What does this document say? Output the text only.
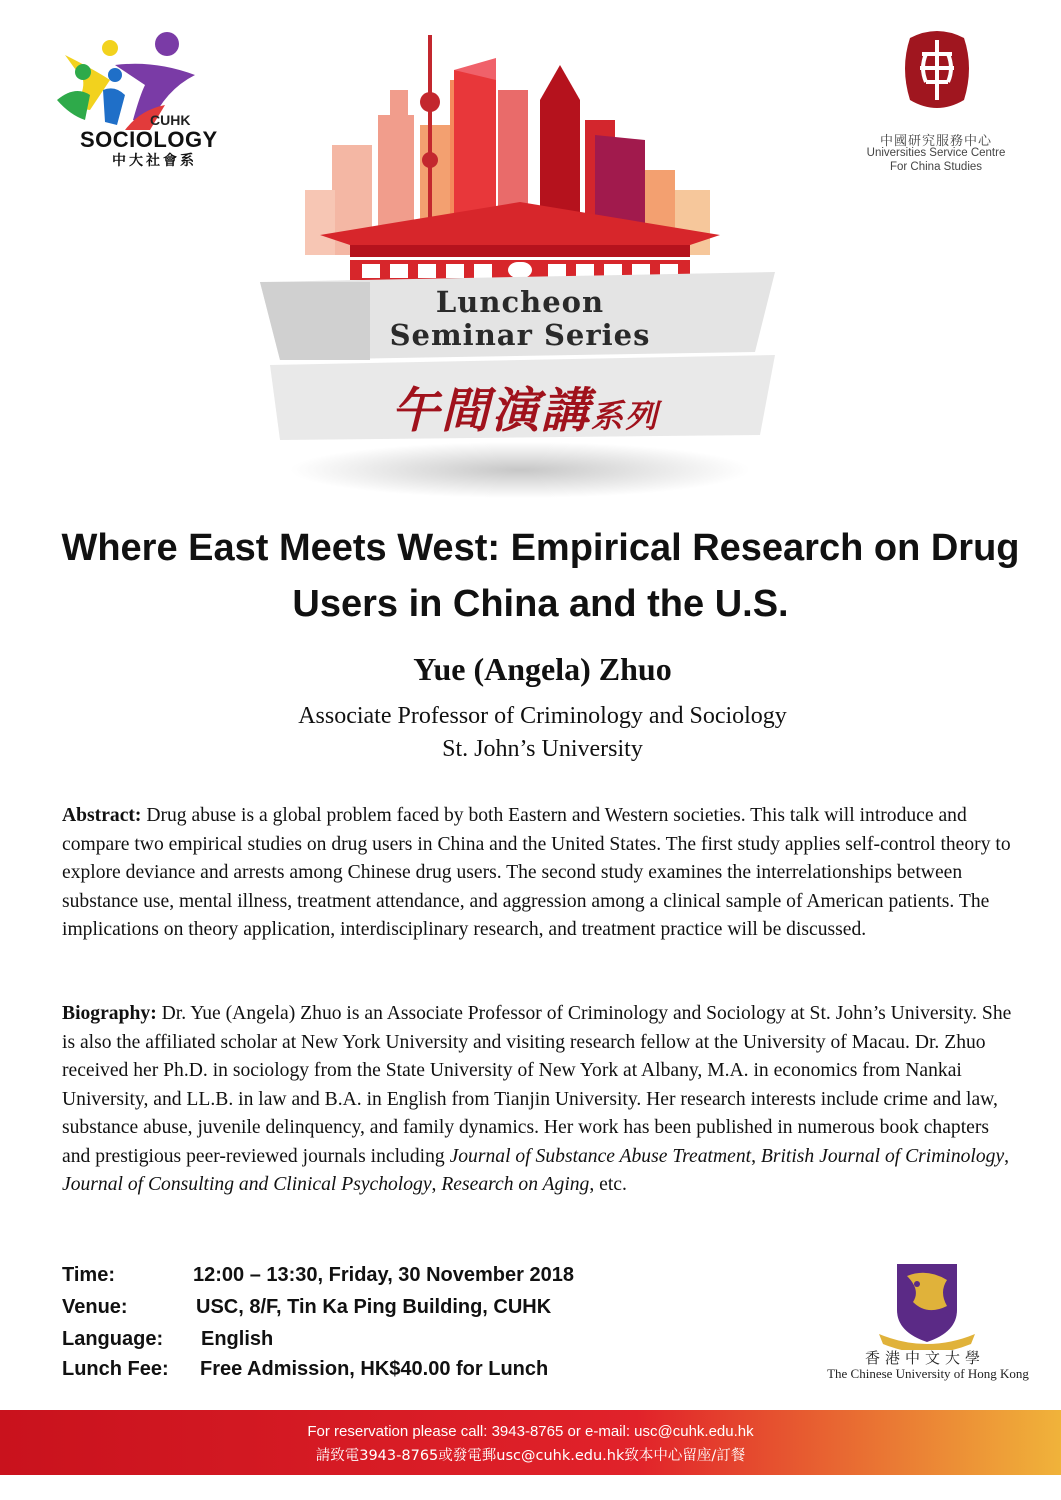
CUHK
SOCIOLOGY
中大社會系
中國研究服務中心
Universities Service Centre
For China Studies
Luncheon
Seminar Series
午間演講系列
Where East Meets West: Empirical Research on Drug Users in China and the U.S.
Yue (Angela) Zhuo
Associate Professor of Criminology and Sociology
St. John’s University
Abstract: Drug abuse is a global problem faced by both Eastern and Western societies. This talk will introduce and compare two empirical studies on drug users in China and the United States. The first study applies self-control theory to explore deviance and arrests among Chinese drug users. The second study examines the interrelationships between substance use, mental illness, treatment attendance, and aggression among a clinical sample of American patients. The implications on theory application, interdisciplinary research, and treatment practice will be discussed.
Biography: Dr. Yue (Angela) Zhuo is an Associate Professor of Criminology and Sociology at St. John’s University. She is also the affiliated scholar at New York University and visiting research fellow at the University of Macau. Dr. Zhuo received her Ph.D. in sociology from the State University of New York at Albany, M.A. in economics from Nankai University, and LL.B. in law and B.A. in English from Tianjin University. Her research interests include crime and law, substance abuse, juvenile delinquency, and family dynamics. Her work has been published in numerous book chapters and prestigious peer-reviewed journals including Journal of Substance Abuse Treatment, British Journal of Criminology, Journal of Consulting and Clinical Psychology, Research on Aging, etc.
Time:	12:00 – 13:30, Friday, 30 November 2018
Venue:	USC, 8/F, Tin Ka Ping Building, CUHK
Language: English
Lunch Fee: Free Admission, HK$40.00 for Lunch	香港中文大學
The Chinese University of Hong Kong
For reservation please call: 3943-8765 or e-mail: usc@cuhk.edu.hk
請致電3943-8765或發電郵usc@cuhk.edu.hk致本中心留座/訂餐
